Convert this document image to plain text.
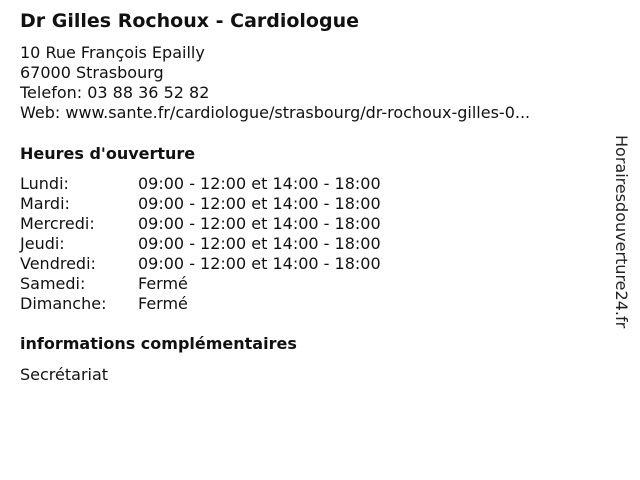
Dr Gilles Rochoux - Cardiologue
10 Rue François Epailly
67000 Strasbourg
Telefon: 03 88 36 52 82
Web: www.sante.fr/cardiologue/strasbourg/dr-rochoux-gilles-0...
Heures d'ouverture
Lundi:	09:00 - 12:00 et 14:00 - 18:00
Mardi:	09:00 - 12:00 et 14:00 - 18:00
Mercredi:	09:00 - 12:00 et 14:00 - 18:00
Jeudi:	09:00 - 12:00 et 14:00 - 18:00
Vendredi:	09:00 - 12:00 et 14:00 - 18:00
Samedi:	Fermé
Dimanche:	Fermé
informations complémentaires
Secrétariat
Horairesdouverture24.fr
